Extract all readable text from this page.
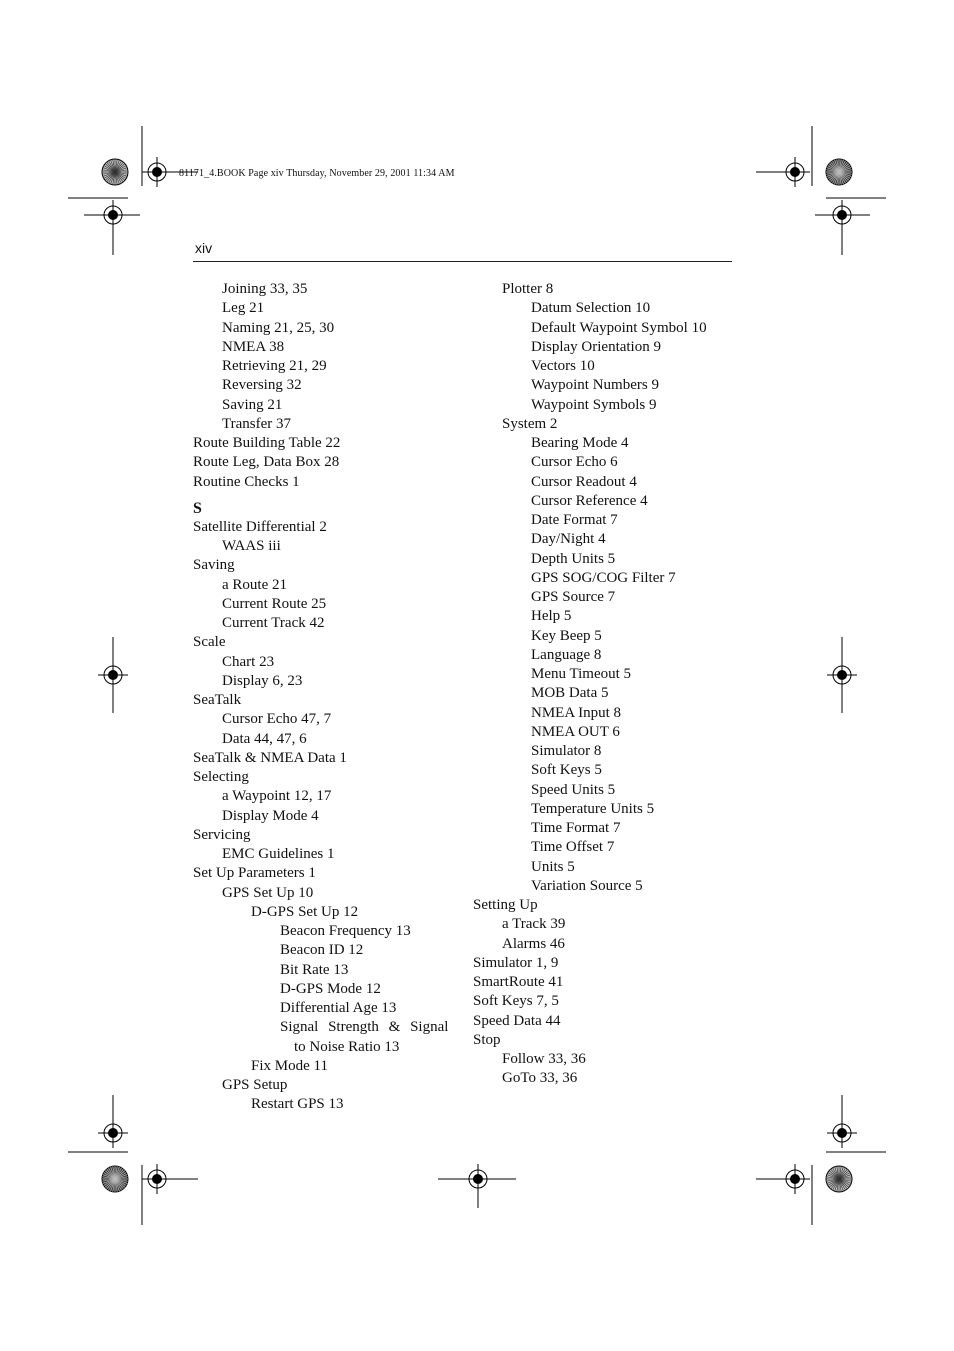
81171_4.BOOK Page xiv Thursday, November 29, 2001 11:34 AM
xiv
Joining 33, 35
Leg 21
Naming 21, 25, 30
NMEA 38
Retrieving 21, 29
Reversing 32
Saving 21
Transfer 37
Route Building Table 22
Route Leg, Data Box 28
Routine Checks 1
S
Satellite Differential 2
WAAS iii
Saving
a Route 21
Current Route 25
Current Track 42
Scale
Chart 23
Display 6, 23
SeaTalk
Cursor Echo 47, 7
Data 44, 47, 6
SeaTalk & NMEA Data 1
Selecting
a Waypoint 12, 17
Display Mode 4
Servicing
EMC Guidelines 1
Set Up Parameters 1
GPS Set Up 10
D-GPS Set Up 12
Beacon Frequency 13
Beacon ID 12
Bit Rate 13
D-GPS Mode 12
Differential Age 13
Signal Strength & Signal
to Noise Ratio 13
Fix Mode 11
GPS Setup
Restart GPS 13
Plotter 8
Datum Selection 10
Default Waypoint Symbol 10
Display Orientation 9
Vectors 10
Waypoint Numbers 9
Waypoint Symbols 9
System 2
Bearing Mode 4
Cursor Echo 6
Cursor Readout 4
Cursor Reference 4
Date Format 7
Day/Night 4
Depth Units 5
GPS SOG/COG Filter 7
GPS Source 7
Help 5
Key Beep 5
Language 8
Menu Timeout 5
MOB Data 5
NMEA Input 8
NMEA OUT 6
Simulator 8
Soft Keys 5
Speed Units 5
Temperature Units 5
Time Format 7
Time Offset 7
Units 5
Variation Source 5
Setting Up
a Track 39
Alarms 46
Simulator 1, 9
SmartRoute 41
Soft Keys 7, 5
Speed Data 44
Stop
Follow 33, 36
GoTo 33, 36
